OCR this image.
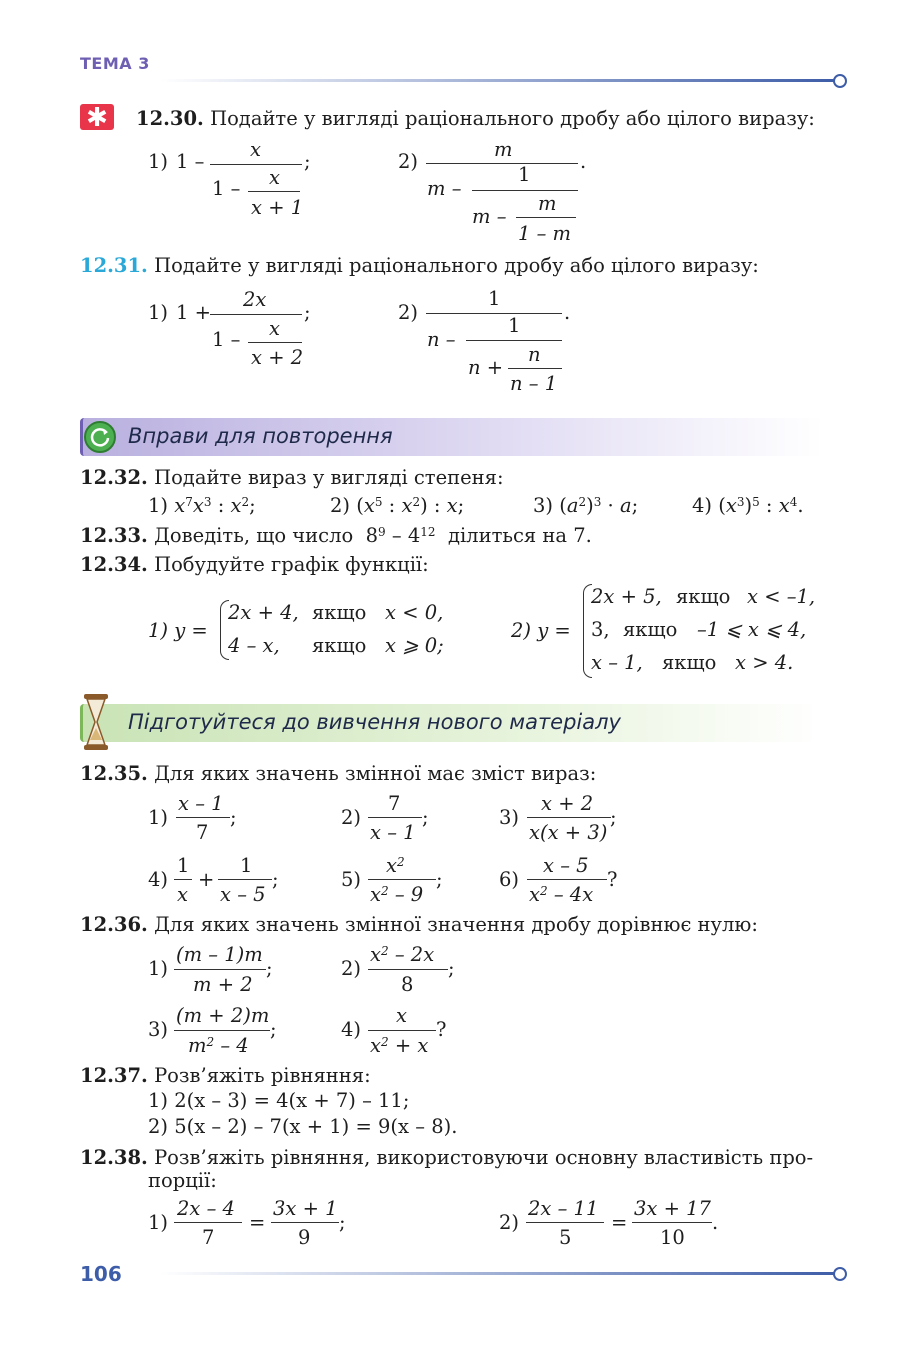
ТЕМА 3
✱	12.30. Подайте у вигляді раціонального дробу або цілого виразу:
1) 1 –
x
;
1 – x
x + 1
2)
m
.
m –
1
m –
m
1 – m
12.31. Подайте у вигляді раціонального дробу або цілого виразу:
1) 1 +
2x
;
1 – x
x + 2
2)
1
.
n –
1
n +
n
n – 1
Вправи для повторення
12.32. Подайте вираз у вигляді степеня:
1) $x^7x^3$ : $x^2$;	2) ($x^5$ : $x^2$) : x;	3) $(a^2)^3 \cdot a$;	4) $(x^3)^5$ : $x^4$.
12.33. Доведіть, що число  $8^9 - 4^{12}$ ділиться на 7.
12.34. Побудуйте графік функції:
1) y =
2x + 4, якщо x < 0,
4 – x, якщо x ⩾ 0;
2) y =
2x + 5, якщо x < –1,
3, якщо –1 ⩽ x ⩽ 4,
x – 1, якщо x > 4.
Підготуйтеся до вивчення нового матеріалу
12.35. Для яких значень змінної має зміст вираз:
1)
x – 1
7
;	2)
7
x – 1
;	3)
x + 2
x(x + 3)
;
4)
1
x
+
1
x – 5
;	5)
$x^2$
$x^2 - 9$
;	6)
x – 5
$x^2 - 4x$
?
12.36. Для яких значень змінної значення дробу дорівнює нулю:
1)
(m – 1)m
m + 2
;	2)
$x^2 - 2x$
8
;
3)
(m + 2)m
$m^2 - 4$
;	4)
x
$x^2 + x$
?
12.37. Розв’яжіть рівняння:
1) 2(x – 3) = 4(x + 7) – 11;
2) 5(x – 2) – 7(x + 1) = 9(x – 8).
12.38. Розв’яжіть рівняння, використовуючи основну властивість про-
порції:
1)
2x – 4
7
=
3x + 1
9
;	2)
2x – 11
5
=
3x + 17
10
.
106
